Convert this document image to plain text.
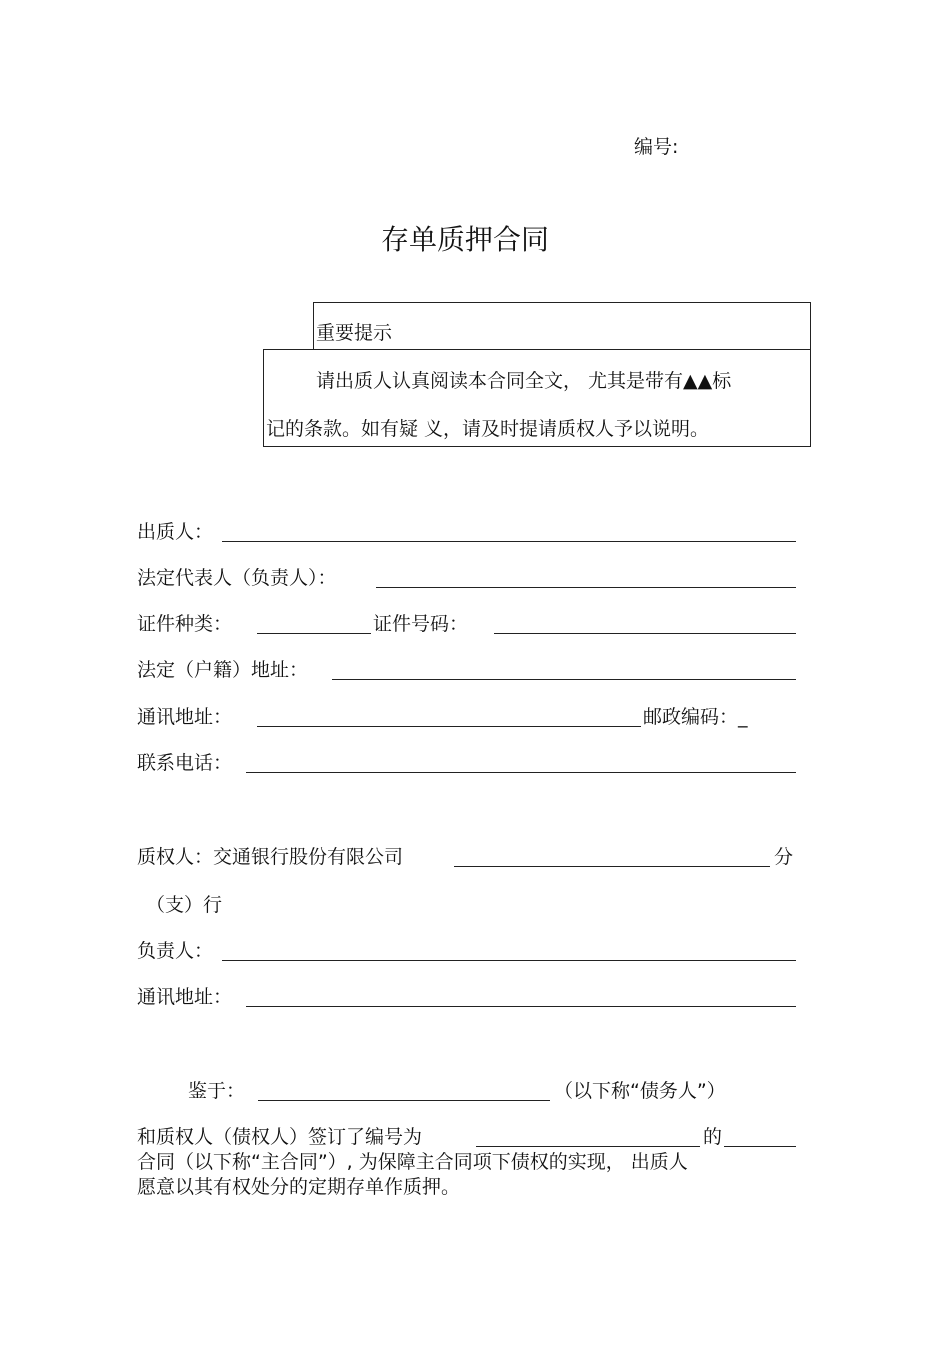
编号:
存单质押合同
重要提示
请出质人认真阅读本合同全文， 尤其是带有▲▲标
记的条款。如有疑 义，请及时提请质权人予以说明。
出质人：
法定代表人（负责人）：
证件种类：	证件号码：
法定（户籍）地址：
通讯地址：	邮政编码：_
联系电话：
质权人：交通银行股份有限公司	分
（支）行
负责人：
通讯地址：
鉴于：	（以下称“债务人”）
和质权人（债权人）签订了编号为	的
合同（以下称“主合同”）, 为保障主合同项下债权的实现， 出质人
愿意以其有权处分的定期存单作质押。
